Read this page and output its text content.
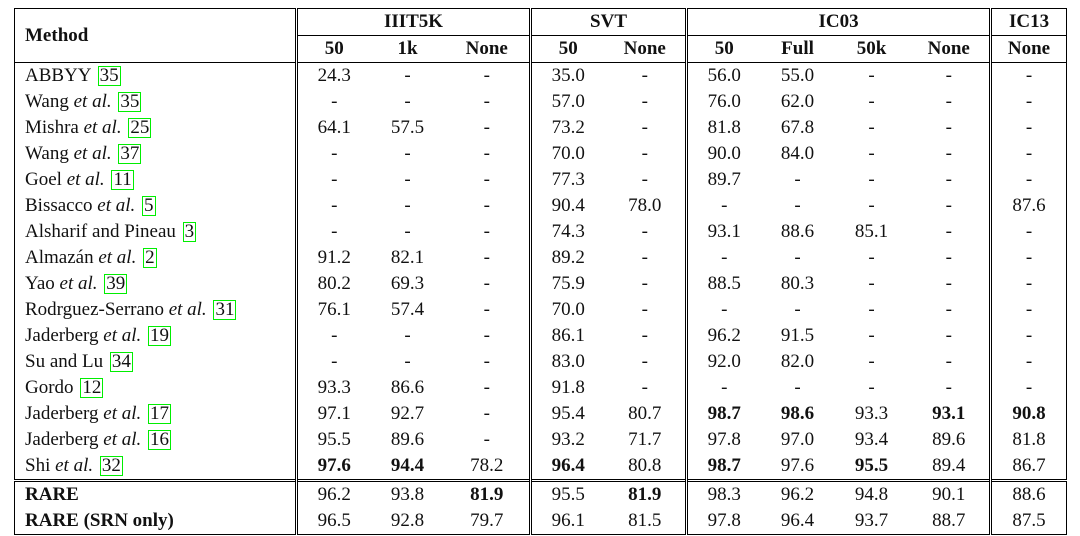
Method	IIIT5K			SVT		IC03				IC13
	50	1k	None	50	None	50	Full	50k	None	None
ABBYY 35	24.3	-	-	35.0	-	56.0	55.0	-	-	-
Wang et al. 35	-	-	-	57.0	-	76.0	62.0	-	-	-
Mishra et al. 25	64.1	57.5	-	73.2	-	81.8	67.8	-	-	-
Wang et al. 37	-	-	-	70.0	-	90.0	84.0	-	-	-
Goel et al. 11	-	-	-	77.3	-	89.7	-	-	-	-
Bissacco et al. 5	-	-	-	90.4	78.0	-	-	-	-	87.6
Alsharif and Pineau 3	-	-	-	74.3	-	93.1	88.6	85.1	-	-
Almazán et al. 2	91.2	82.1	-	89.2	-	-	-	-	-	-
Yao et al. 39	80.2	69.3	-	75.9	-	88.5	80.3	-	-	-
Rodrguez-Serrano et al. 31	76.1	57.4	-	70.0	-	-	-	-	-	-
Jaderberg et al. 19	-	-	-	86.1	-	96.2	91.5	-	-	-
Su and Lu 34	-	-	-	83.0	-	92.0	82.0	-	-	-
Gordo 12	93.3	86.6	-	91.8	-	-	-	-	-	-
Jaderberg et al. 17	97.1	92.7	-	95.4	80.7	98.7	98.6	93.3	93.1	90.8
Jaderberg et al. 16	95.5	89.6	-	93.2	71.7	97.8	97.0	93.4	89.6	81.8
Shi et al. 32	97.6	94.4	78.2	96.4	80.8	98.7	97.6	95.5	89.4	86.7
RARE	96.2	93.8	81.9	95.5	81.9	98.3	96.2	94.8	90.1	88.6
RARE (SRN only)	96.5	92.8	79.7	96.1	81.5	97.8	96.4	93.7	88.7	87.5
